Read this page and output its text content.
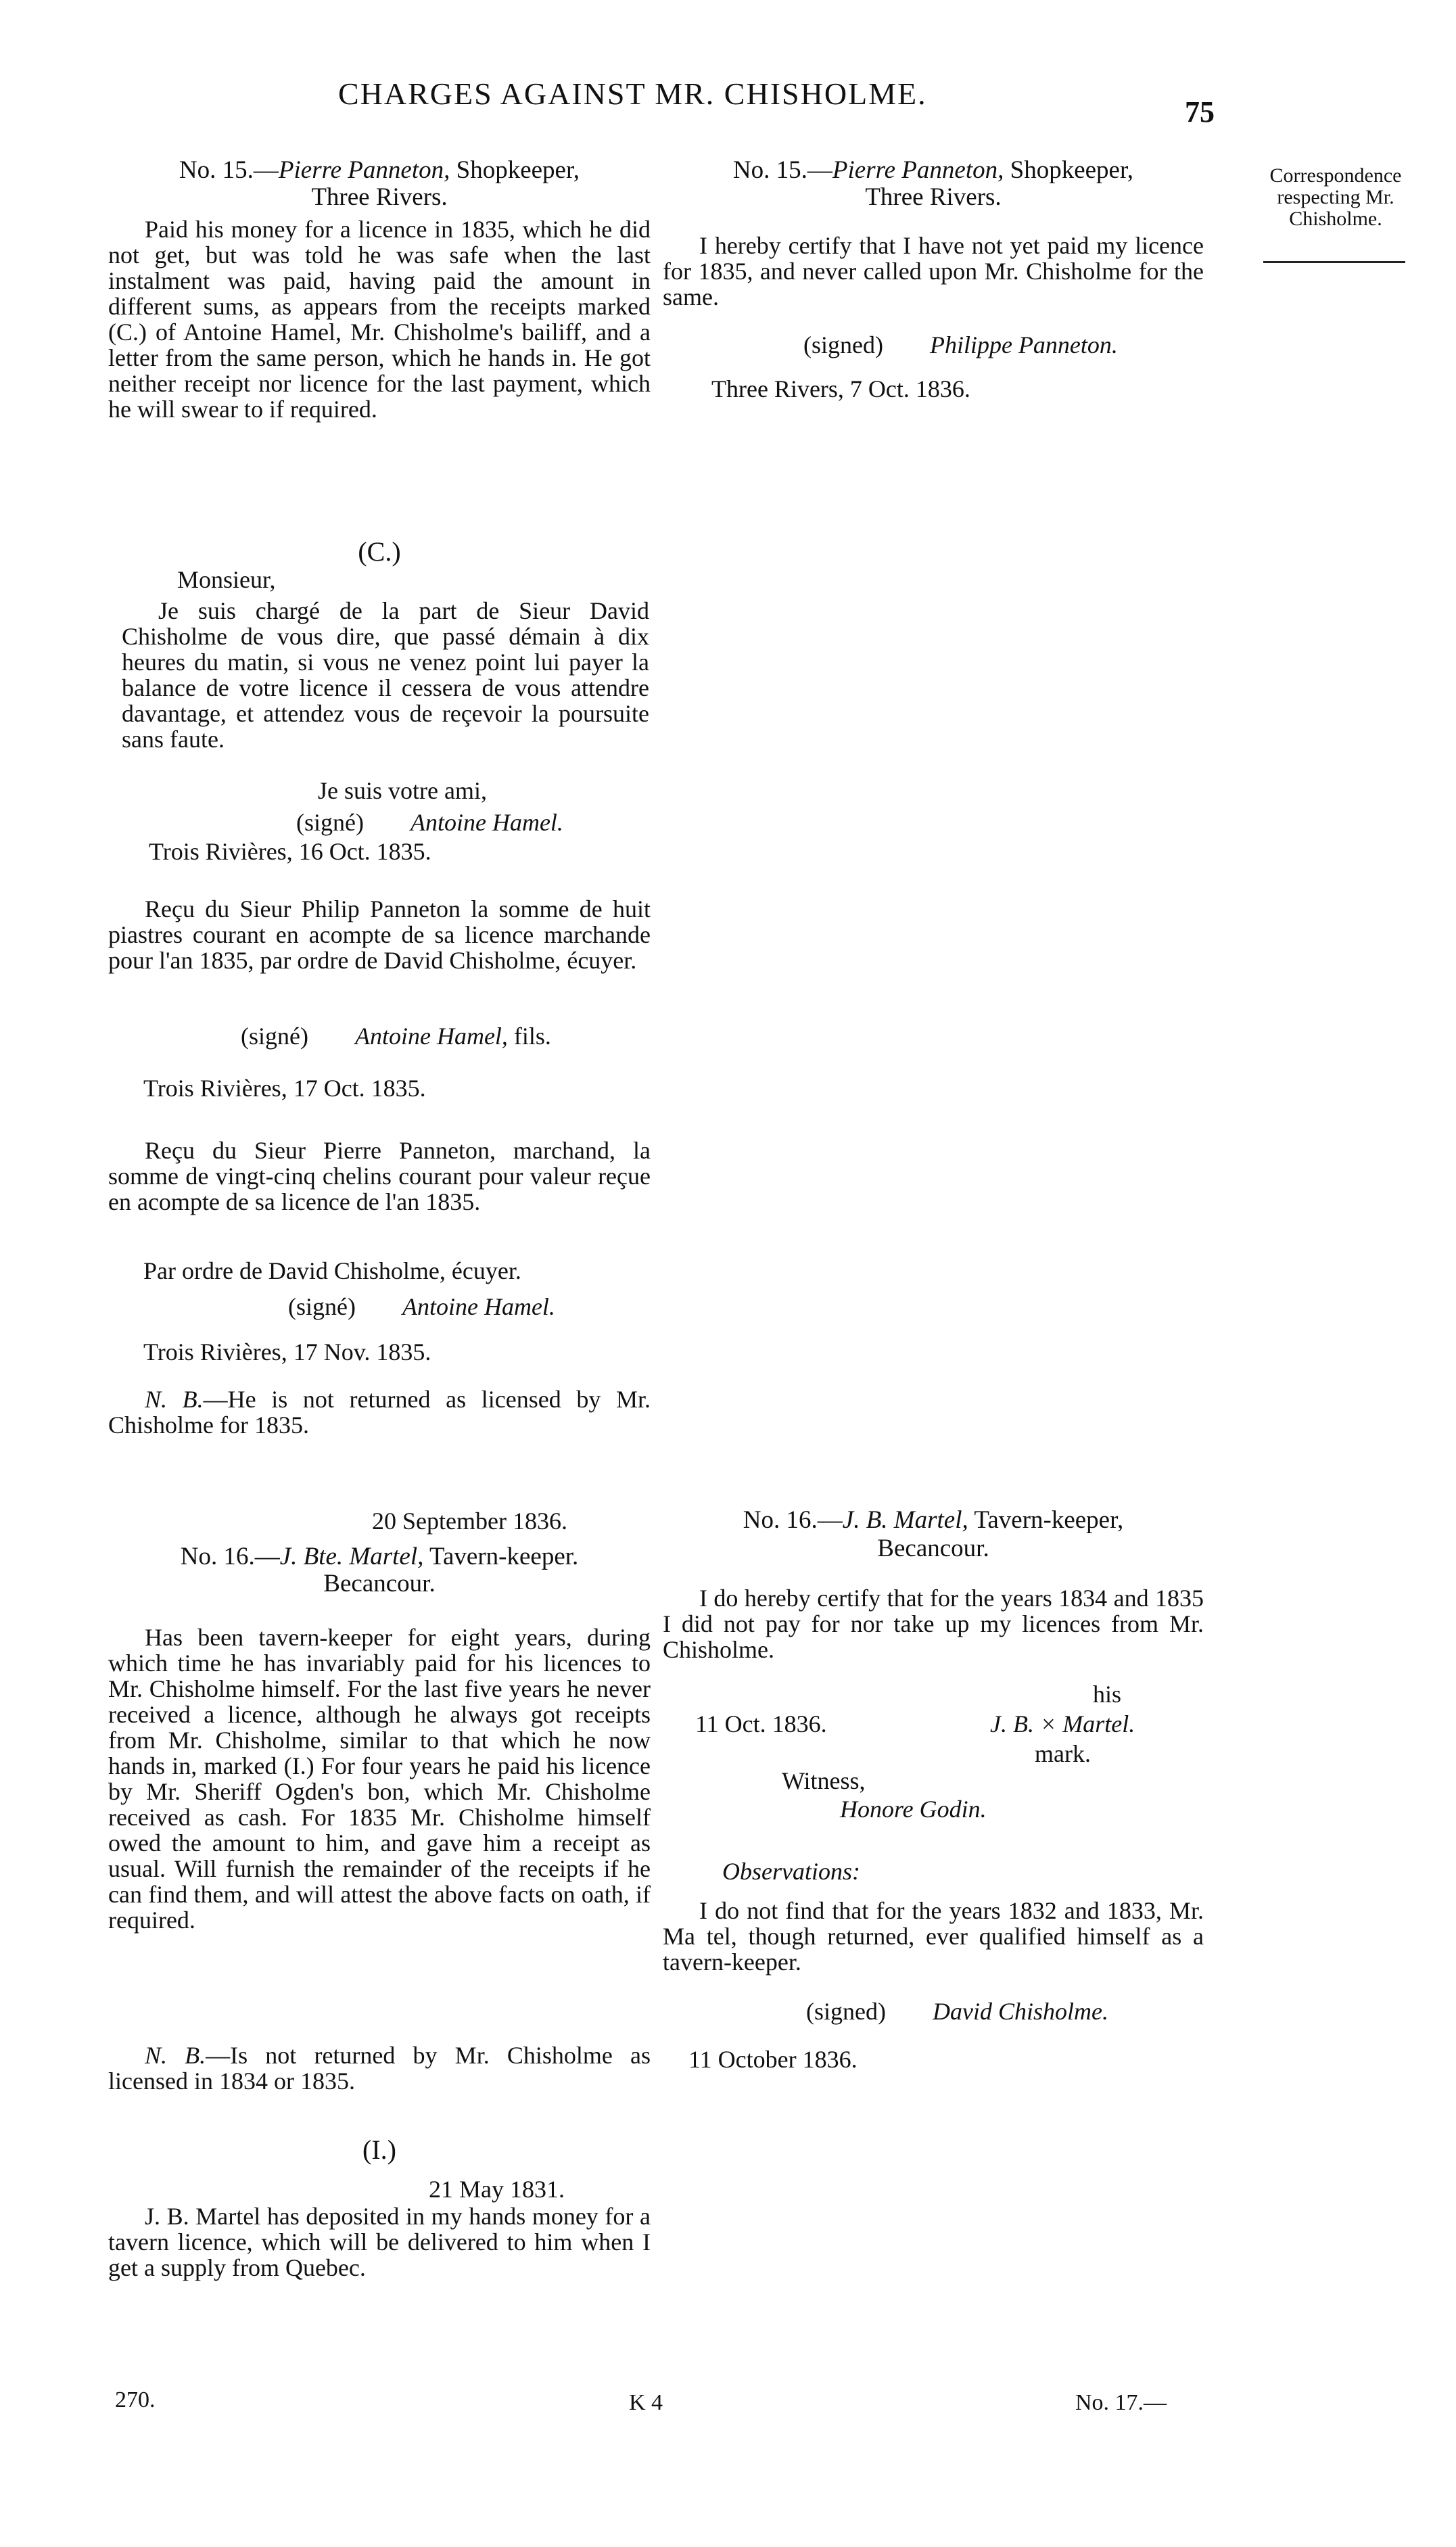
CHARGES AGAINST MR. CHISHOLME.
75
Correspondence respecting Mr. Chisholme.
No. 15.—Pierre Panneton, Shopkeeper,
Three Rivers.

Paid his money for a licence in 1835, which he did not get, but was told he was safe when the last instalment was paid, having paid the amount in different sums, as appears from the receipts marked (C.) of Antoine Hamel, Mr. Chisholme's bailiff, and a letter from the same person, which he hands in. He got neither receipt nor licence for the last payment, which he will swear to if required.

(C.)
Monsieur,

Je suis chargé de la part de Sieur David Chisholme de vous dire, que passé démain à dix heures du matin, si vous ne venez point lui payer la balance de votre licence il cessera de vous attendre davantage, et attendez vous de reçevoir la poursuite sans faute.

Je suis votre ami,
(signé) Antoine Hamel.
Trois Rivières, 16 Oct. 1835.

Reçu du Sieur Philip Panneton la somme de huit piastres courant en acompte de sa licence marchande pour l'an 1835, par ordre de David Chisholme, écuyer.

(signé) Antoine Hamel, fils.
Trois Rivières, 17 Oct. 1835.

Reçu du Sieur Pierre Panneton, marchand, la somme de vingt-cinq chelins courant pour valeur reçue en acompte de sa licence de l'an 1835.

Par ordre de David Chisholme, écuyer.
(signé) Antoine Hamel.
Trois Rivières, 17 Nov. 1835.

N. B.—He is not returned as licensed by Mr. Chisholme for 1835.

20 September 1836.
No. 16.—J. Bte. Martel, Tavern-keeper.
Becancour.

Has been tavern-keeper for eight years, during which time he has invariably paid for his licences to Mr. Chisholme himself. For the last five years he never received a licence, although he always got receipts from Mr. Chisholme, similar to that which he now hands in, marked (I.) For four years he paid his licence by Mr. Sheriff Ogden's bon, which Mr. Chisholme received as cash. For 1835 Mr. Chisholme himself owed the amount to him, and gave him a receipt as usual. Will furnish the remainder of the receipts if he can find them, and will attest the above facts on oath, if required.

N. B.—Is not returned by Mr. Chisholme as licensed in 1834 or 1835.

(I.)
21 May 1831.

J. B. Martel has deposited in my hands money for a tavern licence, which will be delivered to him when I get a supply from Quebec.

No. 15.—Pierre Panneton, Shopkeeper,
Three Rivers.

I hereby certify that I have not yet paid my licence for 1835, and never called upon Mr. Chisholme for the same.

(signed) Philippe Panneton.
Three Rivers, 7 Oct. 1836.
No. 16.—J. B. Martel, Tavern-keeper,
Becancour.

I do hereby certify that for the years 1834 and 1835 I did not pay for nor take up my licences from Mr. Chisholme.

his
11 Oct. 1836.	J. B. × Martel.
mark.
Witness,
Honore Godin.
Observations:

I do not find that for the years 1832 and 1833, Mr. Ma tel, though returned, ever qualified himself as a tavern-keeper.

(signed) David Chisholme.
11 October 1836.
270.	K 4	No. 17.—
